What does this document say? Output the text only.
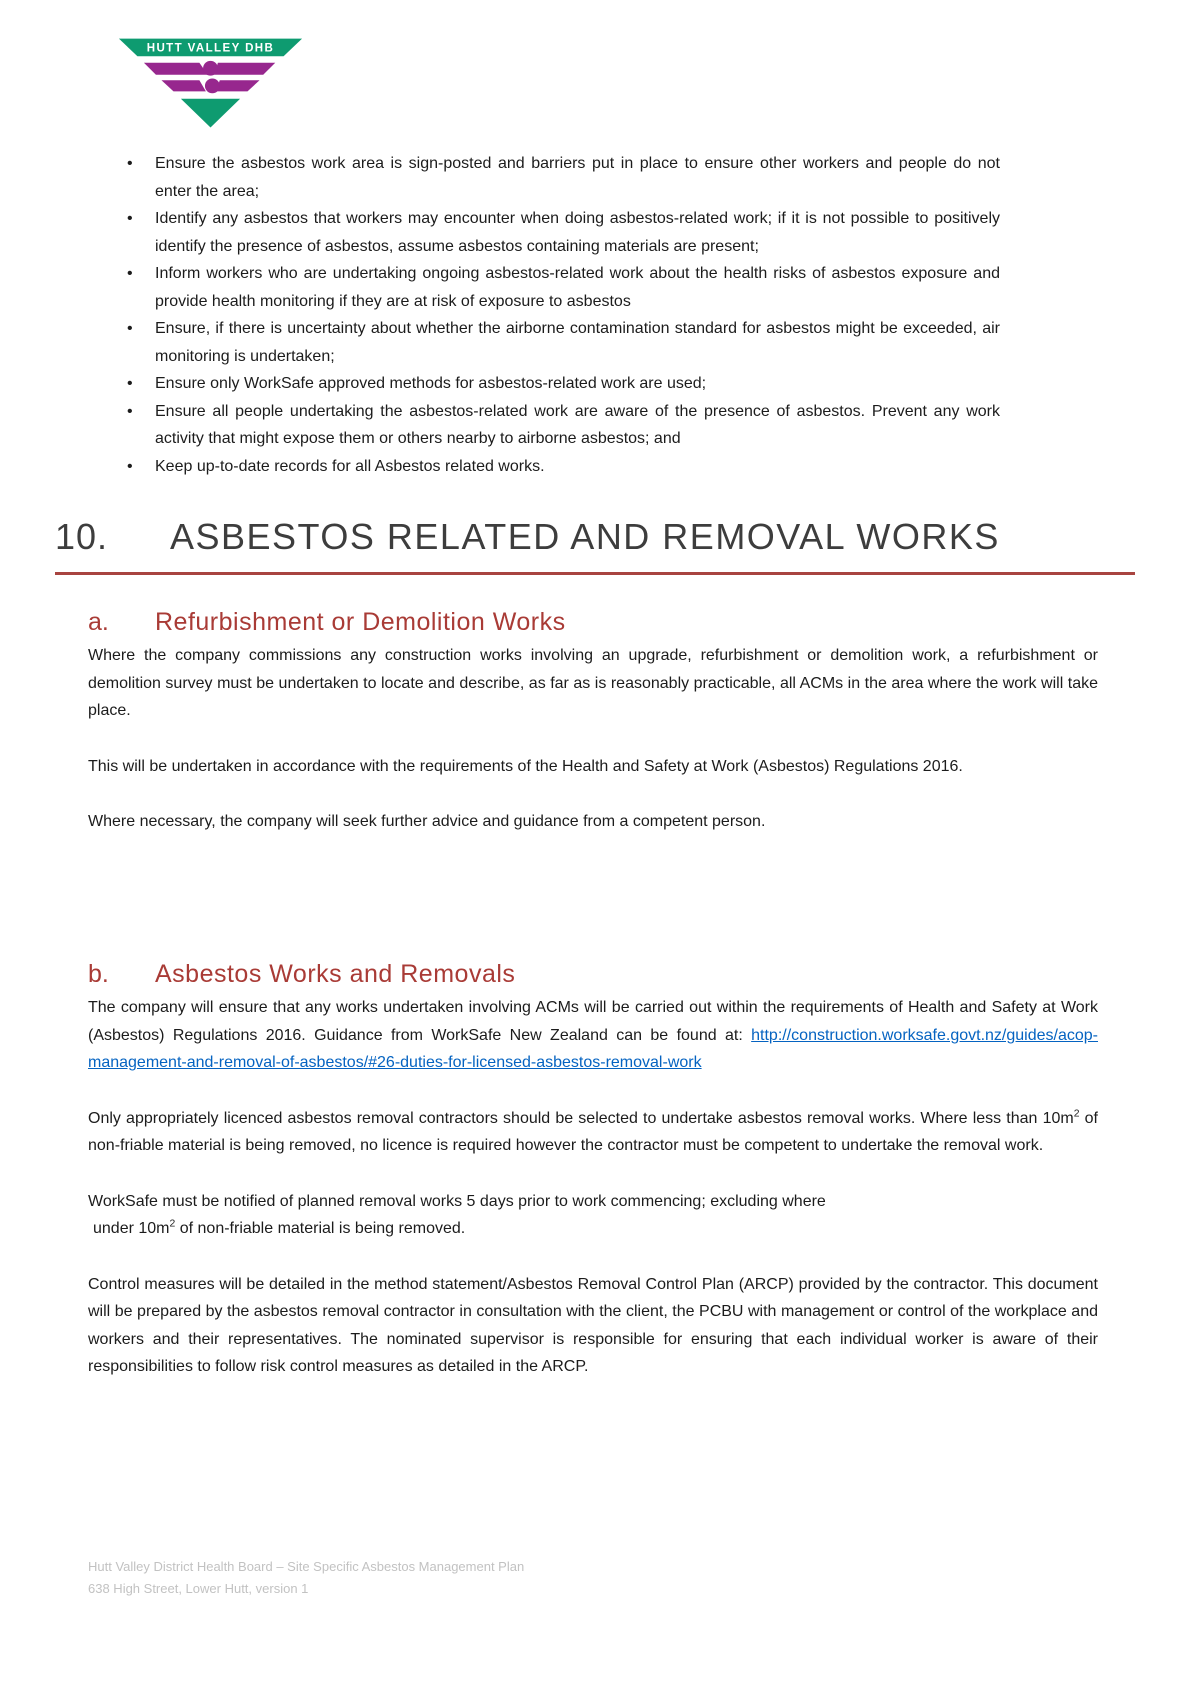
HUTT VALLEY DHB
• Ensure the asbestos work area is sign-posted and barriers put in place to ensure other workers and people do not enter the area;
• Identify any asbestos that workers may encounter when doing asbestos-related work; if it is not possible to positively identify the presence of asbestos, assume asbestos containing materials are present;
• Inform workers who are undertaking ongoing asbestos-related work about the health risks of asbestos exposure and provide health monitoring if they are at risk of exposure to asbestos
• Ensure, if there is uncertainty about whether the airborne contamination standard for asbestos might be exceeded, air monitoring is undertaken;
• Ensure only WorkSafe approved methods for asbestos-related work are used;
• Ensure all people undertaking the asbestos-related work are aware of the presence of asbestos. Prevent any work activity that might expose them or others nearby to airborne asbestos; and
• Keep up-to-date records for all Asbestos related works.
10.	ASBESTOS RELATED AND REMOVAL WORKS
a.	Refurbishment or Demolition Works

Where the company commissions any construction works involving an upgrade, refurbishment or demolition work, a refurbishment or demolition survey must be undertaken to locate and describe, as far as is reasonably practicable, all ACMs in the area where the work will take place.

This will be undertaken in accordance with the requirements of the Health and Safety at Work (Asbestos) Regulations 2016.

Where necessary, the company will seek further advice and guidance from a competent person.

b.	Asbestos Works and Removals

The company will ensure that any works undertaken involving ACMs will be carried out within the requirements of Health and Safety at Work (Asbestos) Regulations 2016. Guidance from WorkSafe New Zealand can be found at: http://construction.worksafe.govt.nz/guides/acop-management-and-removal-of-asbestos/#26-duties-for-licensed-asbestos-removal-work

Only appropriately licenced asbestos removal contractors should be selected to undertake asbestos removal works. Where less than $10m^2$ of non-friable material is being removed, no licence is required however the contractor must be competent to undertake the removal work.

WorkSafe must be notified of planned removal works 5 days prior to work commencing; excluding where
under $10m^2$ of non-friable material is being removed.

Control measures will be detailed in the method statement/Asbestos Removal Control Plan (ARCP) provided by the contractor. This document will be prepared by the asbestos removal contractor in consultation with the client, the PCBU with management or control of the workplace and workers and their representatives. The nominated supervisor is responsible for ensuring that each individual worker is aware of their responsibilities to follow risk control measures as detailed in the ARCP.

Hutt Valley District Health Board – Site Specific Asbestos Management Plan
638 High Street, Lower Hutt, version 1
